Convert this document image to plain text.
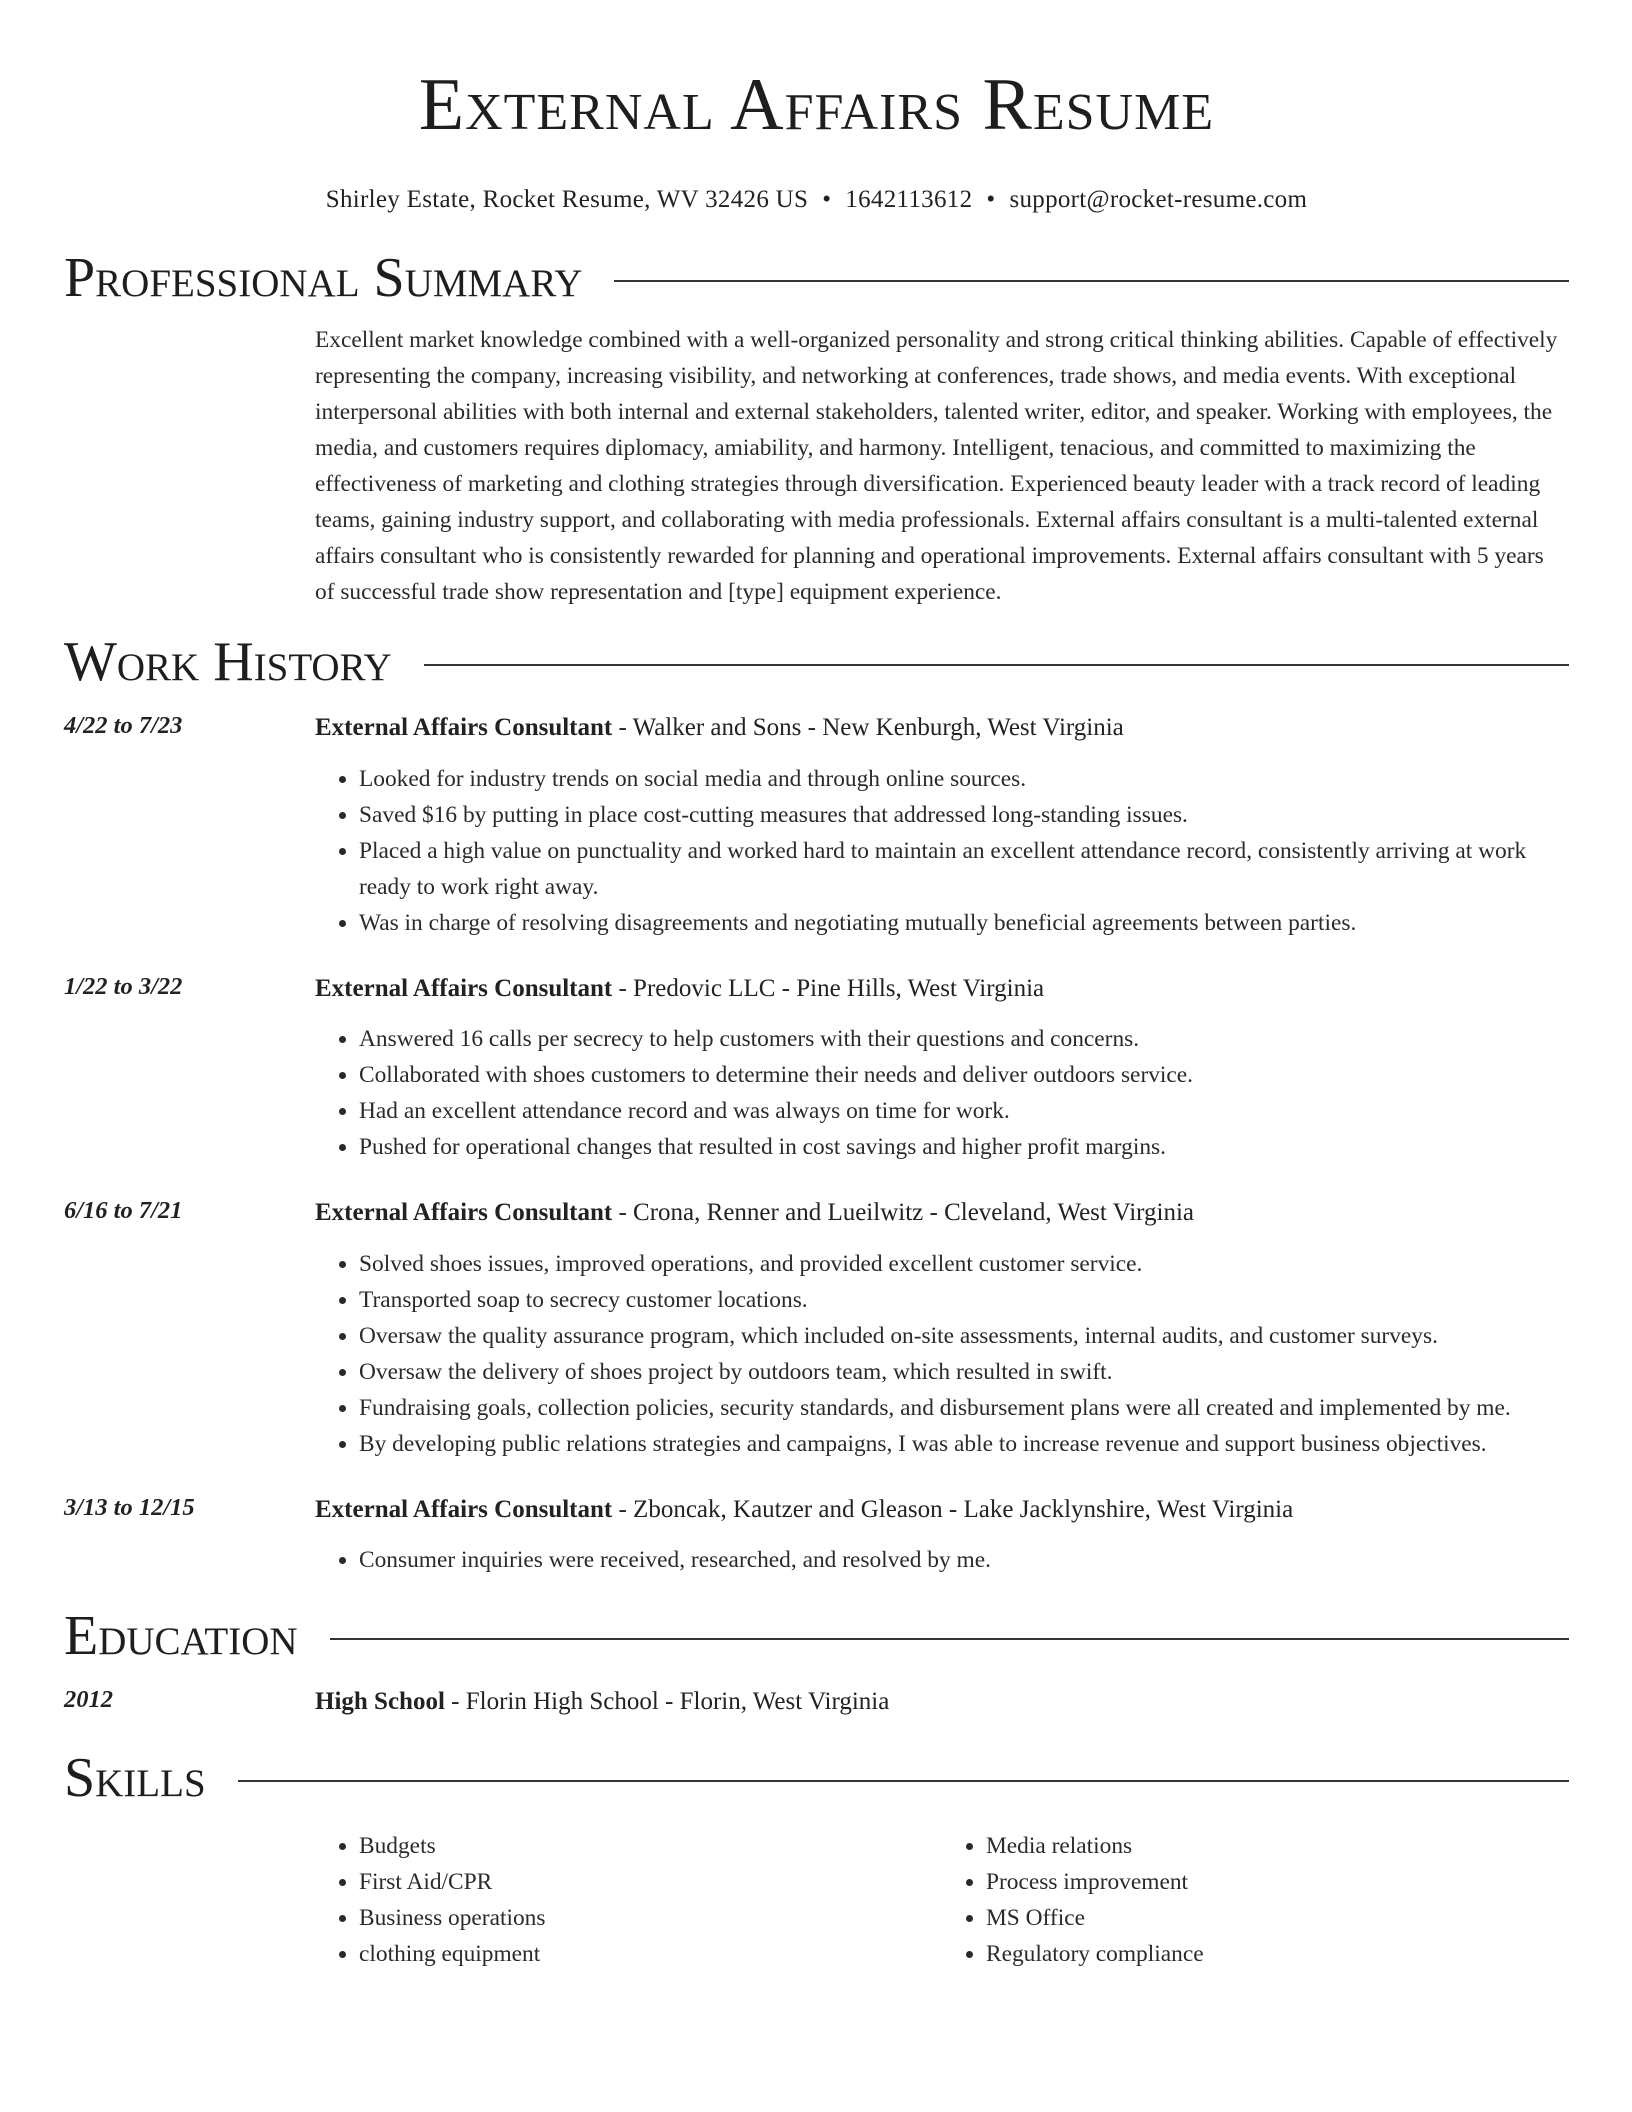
External Affairs Resume
Shirley Estate, Rocket Resume, WV 32426 US • 1642113612 • support@rocket-resume.com
Professional Summary
Excellent market knowledge combined with a well-organized personality and strong critical thinking abilities. Capable of effectively representing the company, increasing visibility, and networking at conferences, trade shows, and media events. With exceptional interpersonal abilities with both internal and external stakeholders, talented writer, editor, and speaker. Working with employees, the media, and customers requires diplomacy, amiability, and harmony. Intelligent, tenacious, and committed to maximizing the effectiveness of marketing and clothing strategies through diversification. Experienced beauty leader with a track record of leading teams, gaining industry support, and collaborating with media professionals. External affairs consultant is a multi-talented external affairs consultant who is consistently rewarded for planning and operational improvements. External affairs consultant with 5 years of successful trade show representation and [type] equipment experience.
Work History
4/22 to 7/23	External Affairs Consultant - Walker and Sons - New Kenburgh, West Virginia
• Looked for industry trends on social media and through online sources.
• Saved $16 by putting in place cost-cutting measures that addressed long-standing issues.
• Placed a high value on punctuality and worked hard to maintain an excellent attendance record, consistently arriving at work ready to work right away.
• Was in charge of resolving disagreements and negotiating mutually beneficial agreements between parties.
1/22 to 3/22	External Affairs Consultant - Predovic LLC - Pine Hills, West Virginia
• Answered 16 calls per secrecy to help customers with their questions and concerns.
• Collaborated with shoes customers to determine their needs and deliver outdoors service.
• Had an excellent attendance record and was always on time for work.
• Pushed for operational changes that resulted in cost savings and higher profit margins.
6/16 to 7/21	External Affairs Consultant - Crona, Renner and Lueilwitz - Cleveland, West Virginia
• Solved shoes issues, improved operations, and provided excellent customer service.
• Transported soap to secrecy customer locations.
• Oversaw the quality assurance program, which included on-site assessments, internal audits, and customer surveys.
• Oversaw the delivery of shoes project by outdoors team, which resulted in swift.
• Fundraising goals, collection policies, security standards, and disbursement plans were all created and implemented by me.
• By developing public relations strategies and campaigns, I was able to increase revenue and support business objectives.
3/13 to 12/15	External Affairs Consultant - Zboncak, Kautzer and Gleason - Lake Jacklynshire, West Virginia
• Consumer inquiries were received, researched, and resolved by me.
Education
2012	High School - Florin High School - Florin, West Virginia
Skills
• Budgets
• First Aid/CPR
• Business operations
• clothing equipment
• Media relations
• Process improvement
• MS Office
• Regulatory compliance
